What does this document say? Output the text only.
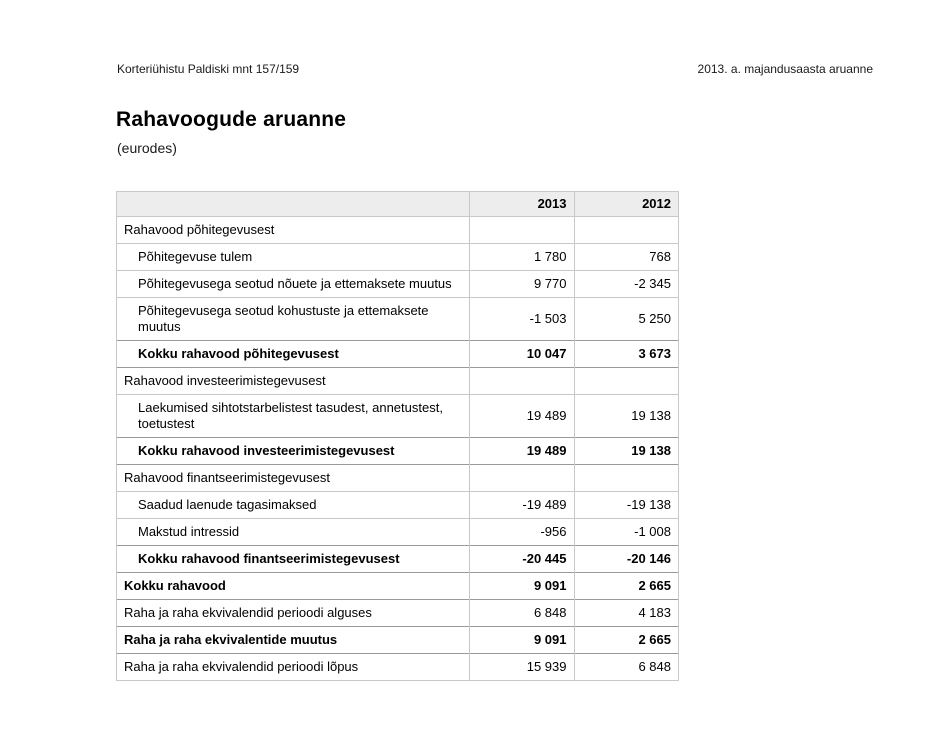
Korteriühistu Paldiski mnt 157/159	2013. a. majandusaasta aruanne
Rahavoogude aruanne
(eurodes)
	2013	2012
Rahavood põhitegevusest		
Põhitegevuse tulem	1 780	768
Põhitegevusega seotud nõuete ja ettemaksete muutus	9 770	-2 345
Põhitegevusega seotud kohustuste ja ettemaksete muutus	-1 503	5 250
Kokku rahavood põhitegevusest	10 047	3 673
Rahavood investeerimistegevusest		
Laekumised sihtotstarbelistest tasudest, annetustest, toetustest	19 489	19 138
Kokku rahavood investeerimistegevusest	19 489	19 138
Rahavood finantseerimistegevusest		
Saadud laenude tagasimaksed	-19 489	-19 138
Makstud intressid	-956	-1 008
Kokku rahavood finantseerimistegevusest	-20 445	-20 146
Kokku rahavood	9 091	2 665
Raha ja raha ekvivalendid perioodi alguses	6 848	4 183
Raha ja raha ekvivalentide muutus	9 091	2 665
Raha ja raha ekvivalendid perioodi lõpus	15 939	6 848
